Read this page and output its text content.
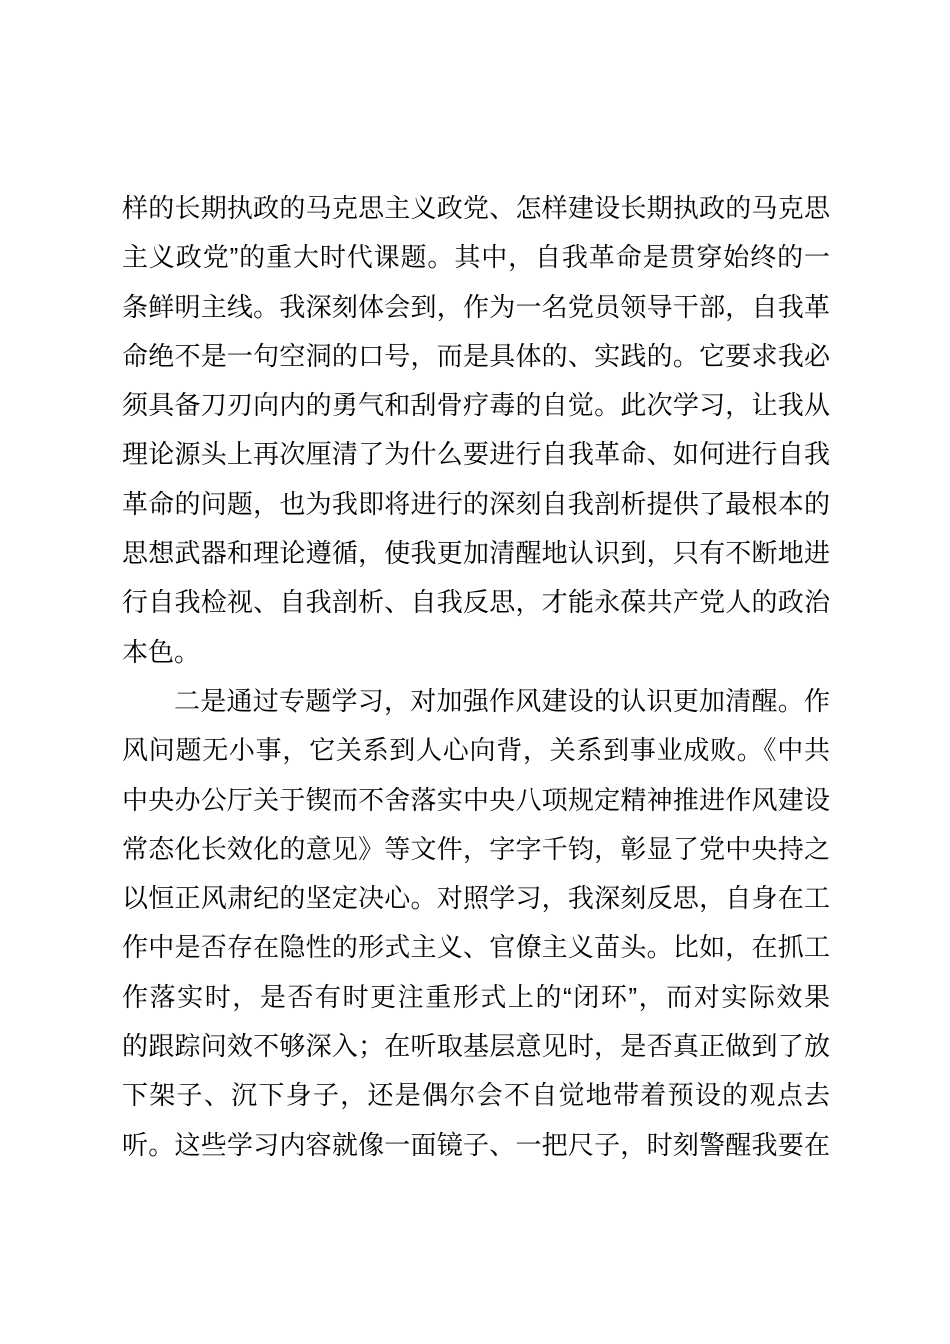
样的长期执政的马克思主义政党、怎样建设长期执政的马克思
主义政党”的重大时代课题。其中，自我革命是贯穿始终的一
条鲜明主线。我深刻体会到，作为一名党员领导干部，自我革
命绝不是一句空洞的口号，而是具体的、实践的。它要求我必
须具备刀刃向内的勇气和刮骨疗毒的自觉。此次学习，让我从
理论源头上再次厘清了为什么要进行自我革命、如何进行自我
革命的问题，也为我即将进行的深刻自我剖析提供了最根本的
思想武器和理论遵循，使我更加清醒地认识到，只有不断地进
行自我检视、自我剖析、自我反思，才能永葆共产党人的政治
本色。
二是通过专题学习，对加强作风建设的认识更加清醒。作
风问题无小事，它关系到人心向背，关系到事业成败。《中共
中央办公厅关于锲而不舍落实中央八项规定精神推进作风建设
常态化长效化的意见》等文件，字字千钧，彰显了党中央持之
以恒正风肃纪的坚定决心。对照学习，我深刻反思，自身在工
作中是否存在隐性的形式主义、官僚主义苗头。比如，在抓工
作落实时，是否有时更注重形式上的“闭环”，而对实际效果
的跟踪问效不够深入；在听取基层意见时，是否真正做到了放
下架子、沉下身子，还是偶尔会不自觉地带着预设的观点去
听。这些学习内容就像一面镜子、一把尺子，时刻警醒我要在
